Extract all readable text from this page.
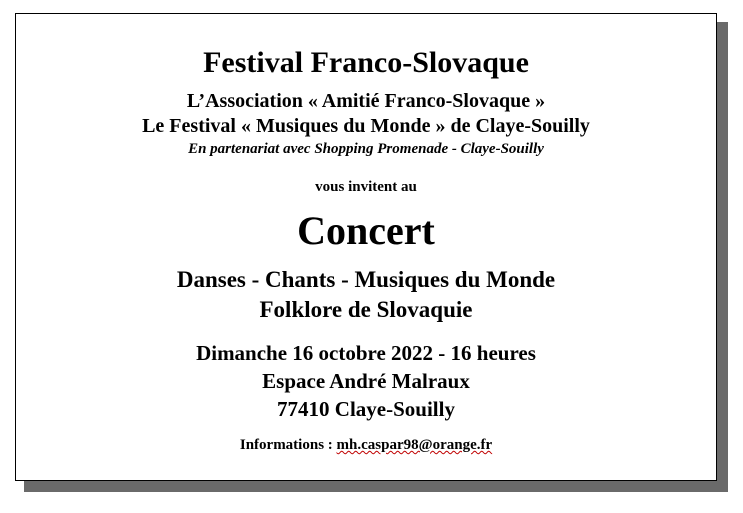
Festival Franco-Slovaque
L’Association « Amitié Franco-Slovaque »
Le Festival « Musiques du Monde » de Claye-Souilly
En partenariat avec Shopping Promenade - Claye-Souilly
vous invitent au
Concert
Danses - Chants - Musiques du Monde
Folklore de Slovaquie
Dimanche 16 octobre 2022 - 16 heures
Espace André Malraux
77410 Claye-Souilly
Informations : mh.caspar98@orange.fr
